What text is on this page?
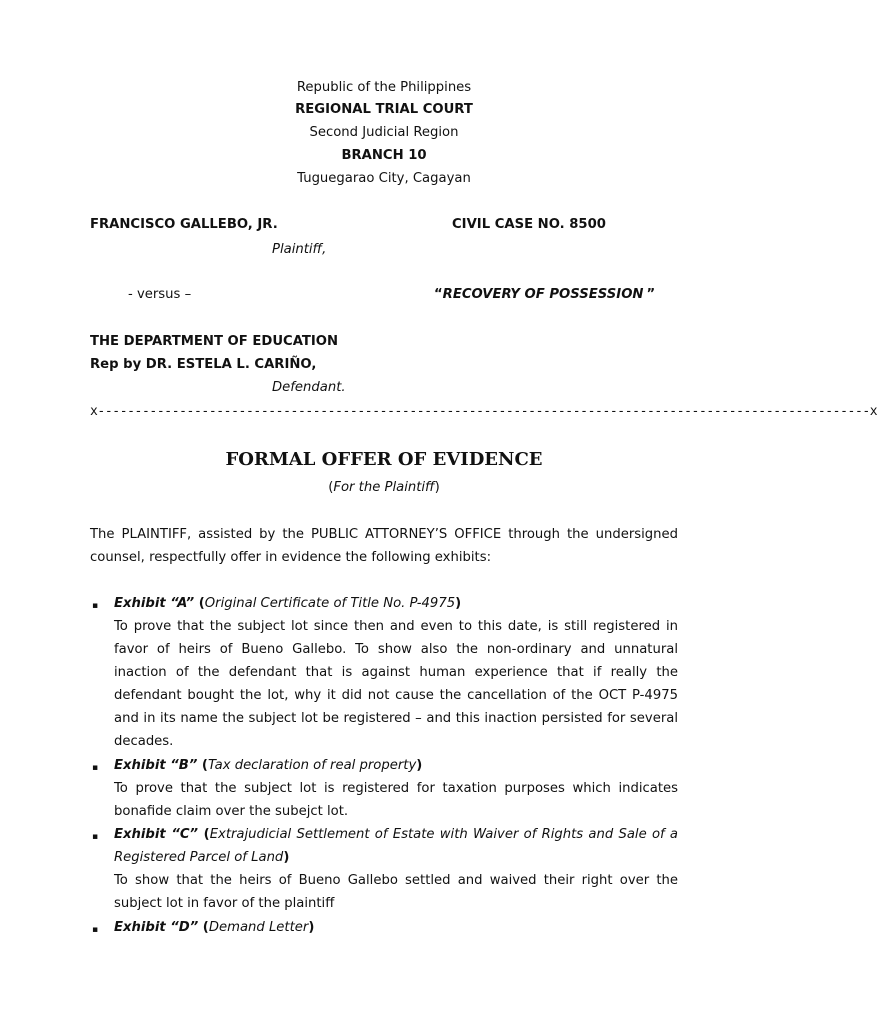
Republic of the Philippines
REGIONAL TRIAL COURT
Second Judicial Region
BRANCH 10
Tuguegarao City, Cagayan
FRANCISCO GALLEBO, JR.	CIVIL CASE NO. 8500
Plaintiff,
- versus –	“RECOVERY OF POSSESSION ”
THE DEPARTMENT OF EDUCATION
Rep by DR. ESTELA L. CARIÑO,
Defendant.
x--------------------------------------------------------------------------------------------------------x
FORMAL OFFER OF EVIDENCE
(For the Plaintiff)
The PLAINTIFF, assisted by the PUBLIC ATTORNEY’S OFFICE through the undersigned counsel, respectfully offer in evidence the following exhibits:
▪ Exhibit “A” (Original Certificate of Title No. P-4975)
To prove that the subject lot since then and even to this date, is still registered in favor of heirs of Bueno Gallebo. To show also the non-ordinary and unnatural inaction of the defendant that is against human experience that if really the defendant bought the lot, why it did not cause the cancellation of the OCT P-4975 and in its name the subject lot be registered – and this inaction persisted for several decades.
▪ Exhibit “B” (Tax declaration of real property)
To prove that the subject lot is registered for taxation purposes which indicates bonafide claim over the subejct lot.
▪ Exhibit “C” (Extrajudicial Settlement of Estate with Waiver of Rights and Sale of a Registered Parcel of Land)
To show that the heirs of Bueno Gallebo settled and waived their right over the subject lot in favor of the plaintiff
▪ Exhibit “D” (Demand Letter)
